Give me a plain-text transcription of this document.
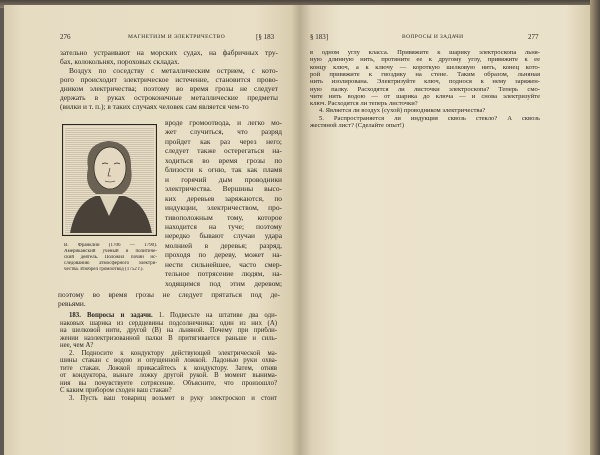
276	МАГНЕТИЗМ И ЭЛЕКТРИЧЕСТВО	[§ 183
зательно устраивают на морских судах, на фабричных тру-
бах, колокольнях, пороховых складах.
Воздух по соседству с металлическим острием, с кото-
рого происходит электрическое истечение, становится прово-
дником электричества; поэтому во время грозы не следует
держать в руках остроконечные металлические предметы
(вилки и т. п.); в таких случаях человек сам является чем-то
В. Франклин (1706 — 1790).
Американский ученый и политиче-
ский деятель. Положил почин ис-
следованию атмосферного электри-
чества. Изобрел громоотвод (1752 г.).
вроде громоотвода, и легко мо-
жет случиться, что разряд
пройдет как раз через него;
следует также остерегаться на-
ходиться во время грозы по
близости к огню, так как пламя
и горячий дым проводники
электричества. Вершины высо-
ких деревьев заряжаются, по
индукции, электричеством, про-
тивоположным тому, которое
находится на туче; поэтому
нередко бывают случаи удара
молнией в деревья; разряд,
проходя по дереву, может на-
нести сильнейшее, часто смер-
тельное потрясение людям, на-
ходящимся под этим деревом;
поэтому во время грозы не следует прятаться под де-
ревьями.
183. Вопросы и задачи. 1. Подвесьте на штативе два оди-
наковых шарика из сердцевины подсолнечника: один из них (А)
на шелковой нити, другой (В) на льняной. Почему при прибли-
жении наэлектризованной палки В притягивается раньше и силь-
нее, чем А?
2. Подносите к кондуктору действующей электрической ма-
шины стакан с водою и опущенной ложкой. Ладонью руки охва-
тите стакан. Ложкой прикасайтесь к кондуктору. Затем, отняв
от кондуктора, выньте ложку другой рукой. В момент вынима-
ния вы почувствуете сотрясение. Объясните, что произошло?
С каким прибором сходен ваш стакан?
3. Пусть ваш товарищ возьмет в руку электроскоп и стоит
§ 183]	ВОПРОСЫ И ЗАДАЧИ	277
в одном углу класса. Привяжите к шарику электроскопа льня-
ную длинную нить, протяните ее к другому углу, привяжите к ее
концу ключ, а к ключу — короткую шелковую нить, конец кото-
рой привяжите к гвоздику на стене. Таким образом, льняная
нить изолирована. Электризуйте ключ, поднося к нему заряжен-
ную палку. Расходятся ли листочки электроскопа? Теперь смо-
чите нить водою — от шарика до ключа — и снова электризуйте
ключ. Расходятся ли теперь листочки?
4. Является ли воздух (сухой) проводником электричества?
5. Распространяется ли индукция сквозь стекло? А сквозь
жестяной лист? (Сделайте опыт!)
